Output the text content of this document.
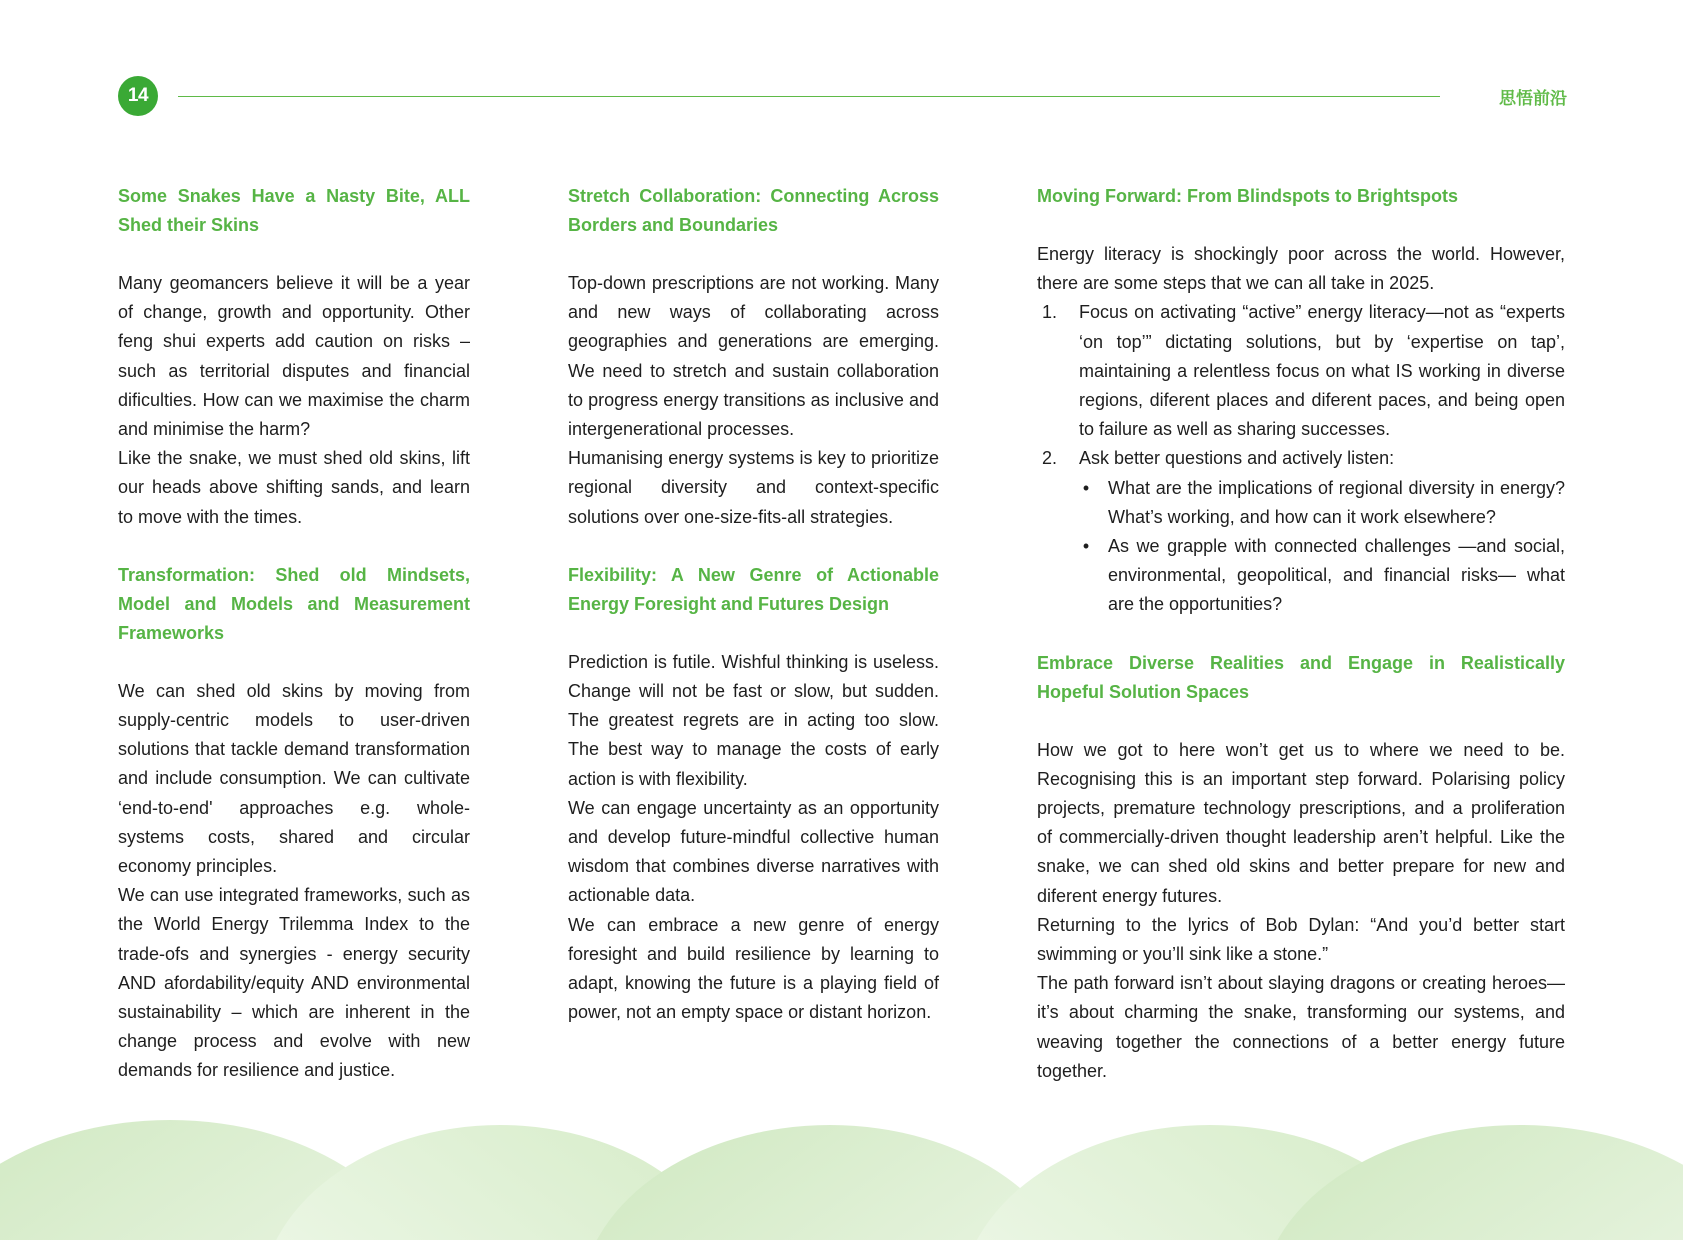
14	思悟前沿
Some Snakes Have a Nasty Bite, ALL Shed their Skins

Many geomancers believe it will be a year of change, growth and opportunity. Other feng shui experts add caution on risks – such as territorial disputes and financial dificulties. How can we maximise the charm and minimise the harm?

Like the snake, we must shed old skins, lift our heads above shifting sands, and learn to move with the times.

Transformation: Shed old Mindsets, Model and Models and Measurement Frameworks

We can shed old skins by moving from supply-centric models to user-driven solutions that tackle demand transformation and include consumption. We can cultivate ‘end-to-end' approaches e.g. whole-systems costs, shared and circular economy principles.

We can use integrated frameworks, such as the World Energy Trilemma Index to the trade-ofs and synergies - energy security AND afordability/equity AND environmental sustainability – which are inherent in the change process and evolve with new demands for resilience and justice.

Stretch Collaboration: Connecting Across Borders and Boundaries

Top-down prescriptions are not working. Many and new ways of collaborating across geographies and generations are emerging. We need to stretch and sustain collaboration to progress energy transitions as inclusive and intergenerational processes.

Humanising energy systems is key to prioritize regional diversity and context-specific solutions over one-size-fits-all strategies.

Flexibility: A New Genre of Actionable Energy Foresight and Futures Design

Prediction is futile. Wishful thinking is useless. Change will not be fast or slow, but sudden. The greatest regrets are in acting too slow. The best way to manage the costs of early action is with flexibility.

We can engage uncertainty as an opportunity and develop future-mindful collective human wisdom that combines diverse narratives with actionable data.

We can embrace a new genre of energy foresight and build resilience by learning to adapt, knowing the future is a playing field of power, not an empty space or distant horizon.

Moving Forward: From Blindspots to Brightspots

Energy literacy is shockingly poor across the world. However, there are some steps that we can all take in 2025.

1. Focus on activating “active” energy literacy—not as “experts ‘on top’” dictating solutions, but by ‘expertise on tap’, maintaining a relentless focus on what IS working in diverse regions, diferent places and diferent paces, and being open to failure as well as sharing successes.
2. Ask better questions and actively listen:
• What are the implications of regional diversity in energy? What’s working, and how can it work elsewhere?
• As we grapple with connected challenges —and social, environmental, geopolitical, and financial risks— what are the opportunities?
Embrace Diverse Realities and Engage in Realistically Hopeful Solution Spaces

How we got to here won’t get us to where we need to be. Recognising this is an important step forward. Polarising policy projects, premature technology prescriptions, and a proliferation of commercially-driven thought leadership aren’t helpful. Like the snake, we can shed old skins and better prepare for new and diferent energy futures.

Returning to the lyrics of Bob Dylan: “And you’d better start swimming or you’ll sink like a stone.”

The path forward isn’t about slaying dragons or creating heroes—it’s about charming the snake, transforming our systems, and weaving together the connections of a better energy future together.
